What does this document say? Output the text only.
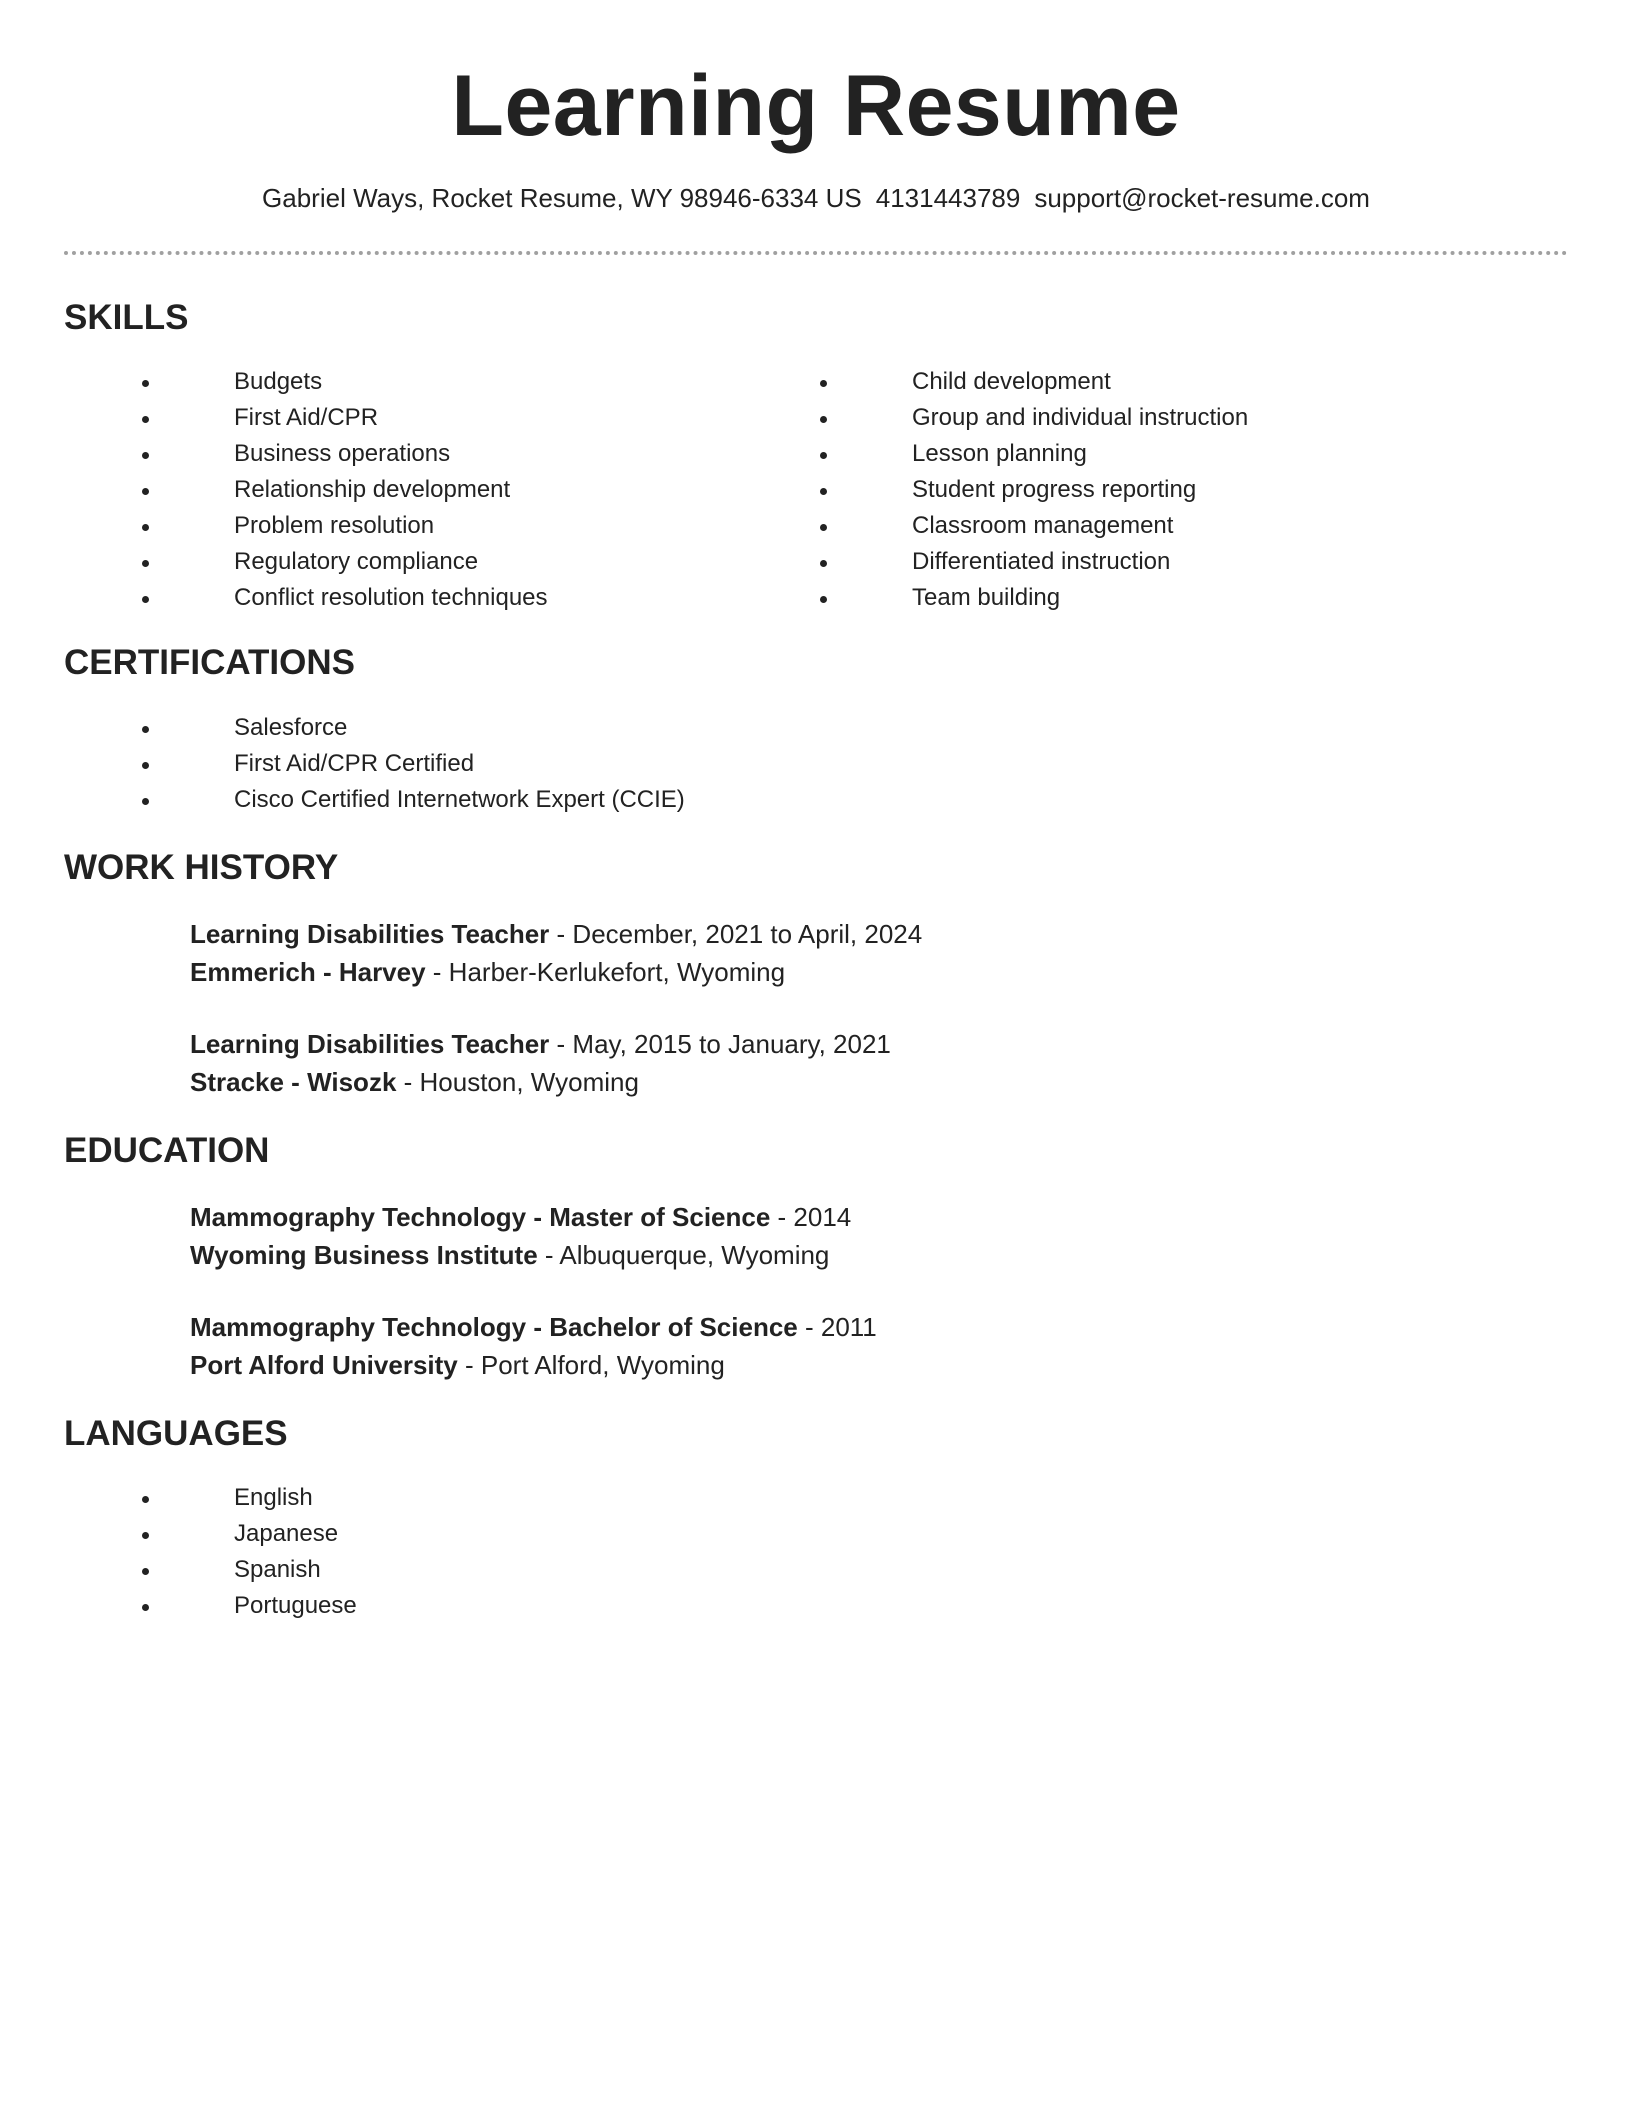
Learning Resume
Gabriel Ways, Rocket Resume, WY 98946-6334 US 4131443789 support@rocket-resume.com
SKILLS
Budgets
First Aid/CPR
Business operations
Relationship development
Problem resolution
Regulatory compliance
Conflict resolution techniques
Child development
Group and individual instruction
Lesson planning
Student progress reporting
Classroom management
Differentiated instruction
Team building
CERTIFICATIONS
Salesforce
First Aid/CPR Certified
Cisco Certified Internetwork Expert (CCIE)
WORK HISTORY
Learning Disabilities Teacher - December, 2021 to April, 2024
Emmerich - Harvey - Harber-Kerlukefort, Wyoming
Learning Disabilities Teacher - May, 2015 to January, 2021
Stracke - Wisozk - Houston, Wyoming
EDUCATION
Mammography Technology - Master of Science - 2014
Wyoming Business Institute - Albuquerque, Wyoming
Mammography Technology - Bachelor of Science - 2011
Port Alford University - Port Alford, Wyoming
LANGUAGES
English
Japanese
Spanish
Portuguese
